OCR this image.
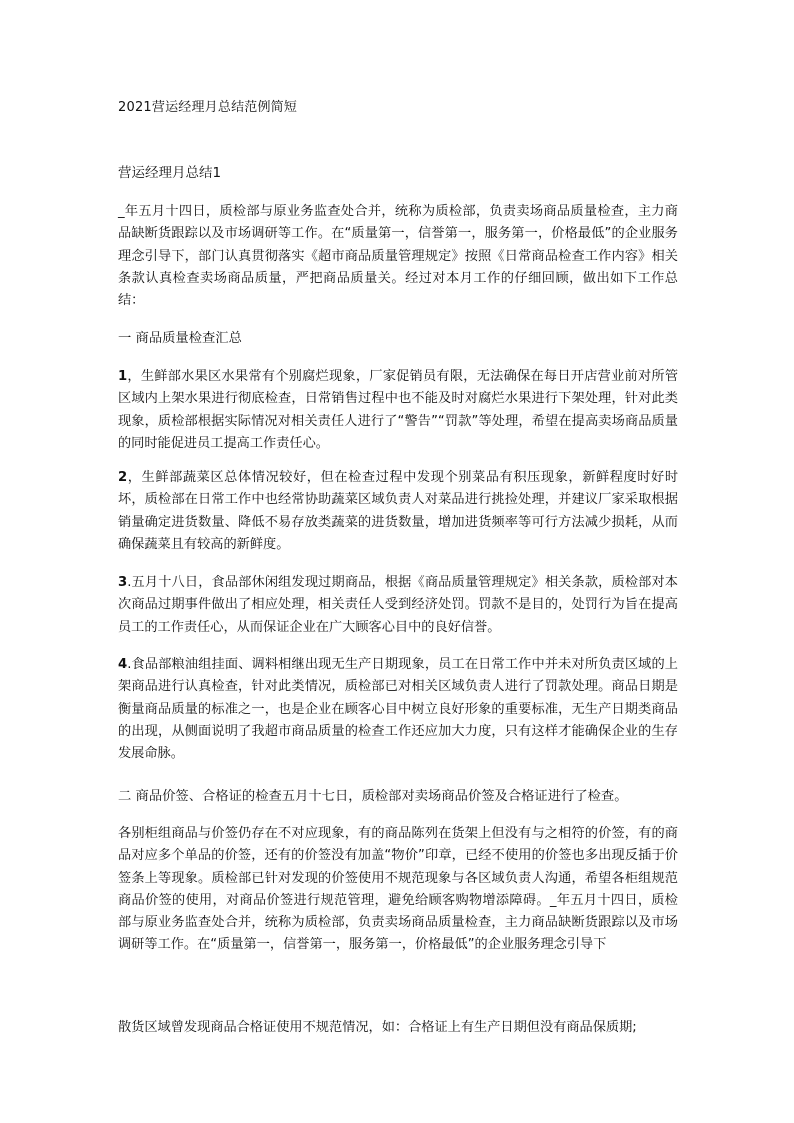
2021营运经理月总结范例简短
营运经理月总结1
_年五月十四日，质检部与原业务监查处合并，统称为质检部，负责卖场商品质量检查，主力商品缺断货跟踪以及市场调研等工作。在“质量第一，信誉第一，服务第一，价格最低”的企业服务理念引导下，部门认真贯彻落实《超市商品质量管理规定》按照《日常商品检查工作内容》相关条款认真检查卖场商品质量，严把商品质量关。经过对本月工作的仔细回顾，做出如下工作总结：
一 商品质量检查汇总
1，生鲜部水果区水果常有个别腐烂现象，厂家促销员有限，无法确保在每日开店营业前对所管区域内上架水果进行彻底检查，日常销售过程中也不能及时对腐烂水果进行下架处理，针对此类现象，质检部根据实际情况对相关责任人进行了“警告”“罚款”等处理，希望在提高卖场商品质量的同时能促进员工提高工作责任心。
2，生鲜部蔬菜区总体情况较好，但在检查过程中发现个别菜品有积压现象，新鲜程度时好时坏，质检部在日常工作中也经常协助蔬菜区域负责人对菜品进行挑捡处理，并建议厂家采取根据销量确定进货数量、降低不易存放类蔬菜的进货数量，增加进货频率等可行方法减少损耗，从而确保蔬菜且有较高的新鲜度。
3.五月十八日，食品部休闲组发现过期商品，根据《商品质量管理规定》相关条款，质检部对本次商品过期事件做出了相应处理，相关责任人受到经济处罚。罚款不是目的，处罚行为旨在提高员工的工作责任心，从而保证企业在广大顾客心目中的良好信誉。
4.食品部粮油组挂面、调料相继出现无生产日期现象，员工在日常工作中并未对所负责区域的上架商品进行认真检查，针对此类情况，质检部已对相关区域负责人进行了罚款处理。商品日期是衡量商品质量的标准之一，也是企业在顾客心目中树立良好形象的重要标准，无生产日期类商品的出现，从侧面说明了我超市商品质量的检查工作还应加大力度，只有这样才能确保企业的生存发展命脉。
二 商品价签、合格证的检查五月十七日，质检部对卖场商品价签及合格证进行了检查。
各别柜组商品与价签仍存在不对应现象，有的商品陈列在货架上但没有与之相符的价签，有的商品对应多个单品的价签，还有的价签没有加盖“物价”印章，已经不使用的价签也多出现反插于价签条上等现象。质检部已针对发现的价签使用不规范现象与各区域负责人沟通，希望各柜组规范商品价签的使用，对商品价签进行规范管理，避免给顾客购物增添障碍。_年五月十四日，质检部与原业务监查处合并，统称为质检部，负责卖场商品质量检查，主力商品缺断货跟踪以及市场调研等工作。在“质量第一，信誉第一，服务第一，价格最低”的企业服务理念引导下
散货区域曾发现商品合格证使用不规范情况，如：合格证上有生产日期但没有商品保质期;
